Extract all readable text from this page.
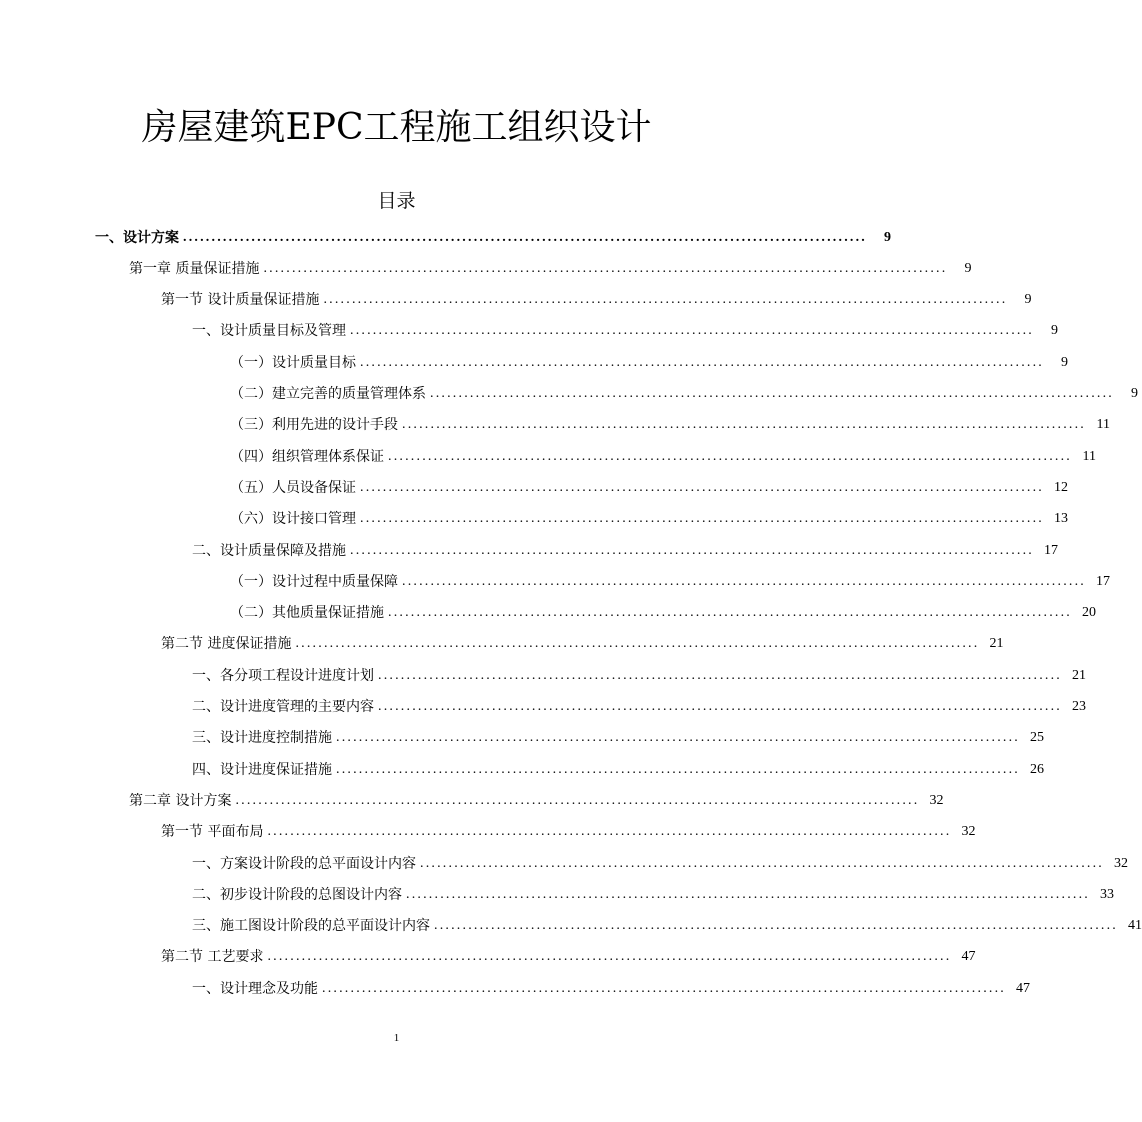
房屋建筑EPC工程施工组织设计
目录
一、设计方案 ........................................................................................................................	9
第一章 质量保证措施 ........................................................................................................................	9
第一节 设计质量保证措施 ........................................................................................................................	9
一、设计质量目标及管理 ........................................................................................................................	9
（一）设计质量目标 ........................................................................................................................	9
（二）建立完善的质量管理体系 ........................................................................................................................	9
（三）利用先进的设计手段 ........................................................................................................................ 11
（四）组织管理体系保证 ........................................................................................................................ 11
（五）人员设备保证 ........................................................................................................................ 12
（六）设计接口管理 ........................................................................................................................ 13
二、设计质量保障及措施 ........................................................................................................................ 17
（一）设计过程中质量保障 ........................................................................................................................ 17
（二）其他质量保证措施 ........................................................................................................................ 20
第二节 进度保证措施 ........................................................................................................................ 21
一、各分项工程设计进度计划 ........................................................................................................................ 21
二、设计进度管理的主要内容 ........................................................................................................................ 23
三、设计进度控制措施 ........................................................................................................................ 25
四、设计进度保证措施 ........................................................................................................................ 26
第二章 设计方案 ........................................................................................................................ 32
第一节 平面布局 ........................................................................................................................ 32
一、方案设计阶段的总平面设计内容 ........................................................................................................................ 32
二、初步设计阶段的总图设计内容 ........................................................................................................................ 33
三、施工图设计阶段的总平面设计内容 ........................................................................................................................ 41
第二节 工艺要求 ........................................................................................................................ 47
一、设计理念及功能 ........................................................................................................................ 47
1
